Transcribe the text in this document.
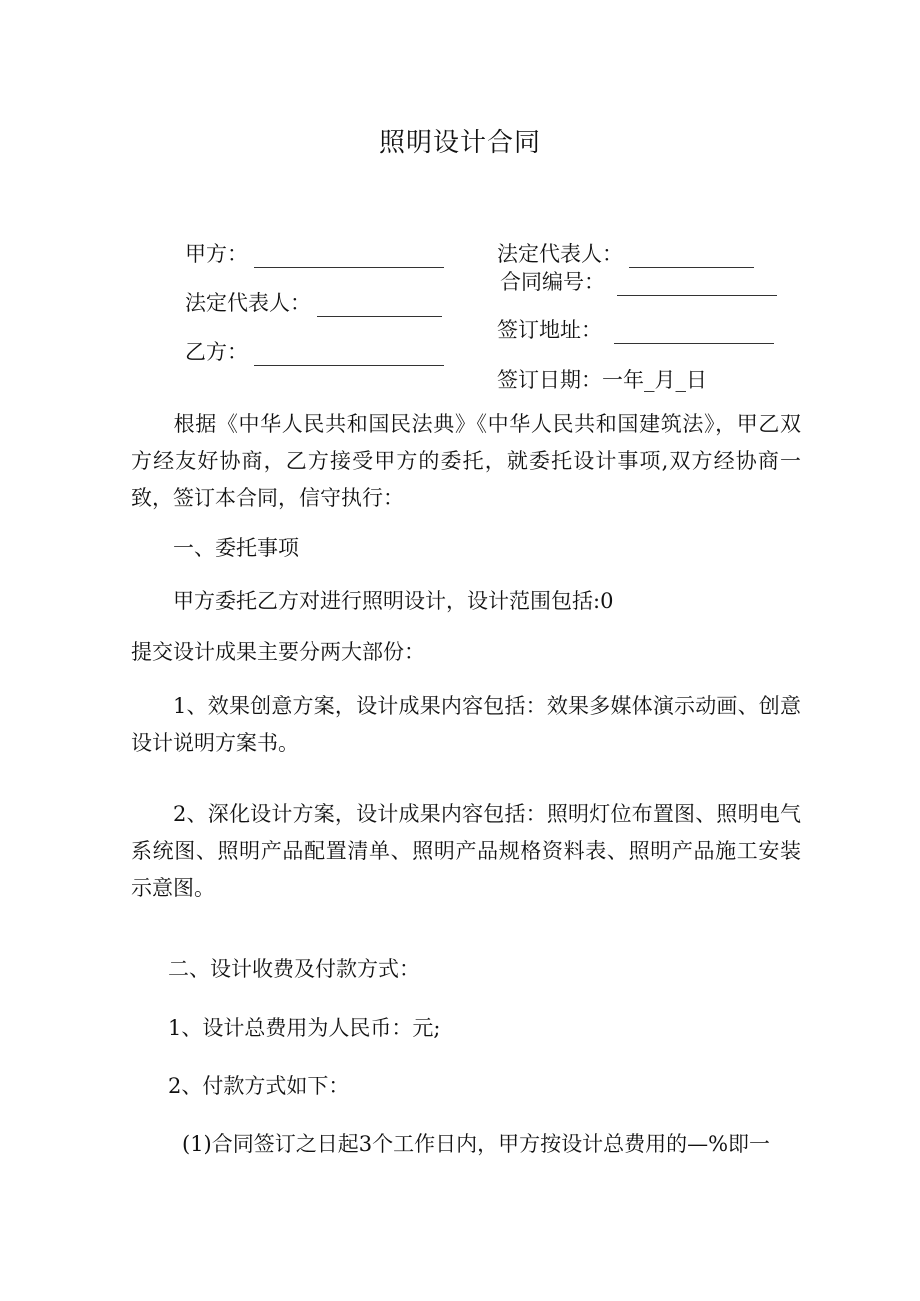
照明设计合同
甲方：
法定代表人：
乙方：
法定代表人：
合同编号：
签订地址：
签订日期：一年_月_日
根据《中华人民共和国民法典》《中华人民共和国建筑法》，甲乙双方经友好协商，乙方接受甲方的委托，就委托设计事项,双方经协商一致，签订本合同，信守执行：
一、委托事项
甲方委托乙方对进行照明设计，设计范围包括:0
提交设计成果主要分两大部份：
1、效果创意方案，设计成果内容包括：效果多媒体演示动画、创意设计说明方案书。
2、深化设计方案，设计成果内容包括：照明灯位布置图、照明电气系统图、照明产品配置清单、照明产品规格资料表、照明产品施工安装示意图。
二、设计收费及付款方式：
1、设计总费用为人民币：元;
2、付款方式如下：
(1)合同签订之日起3个工作日内，甲方按设计总费用的—%即一
